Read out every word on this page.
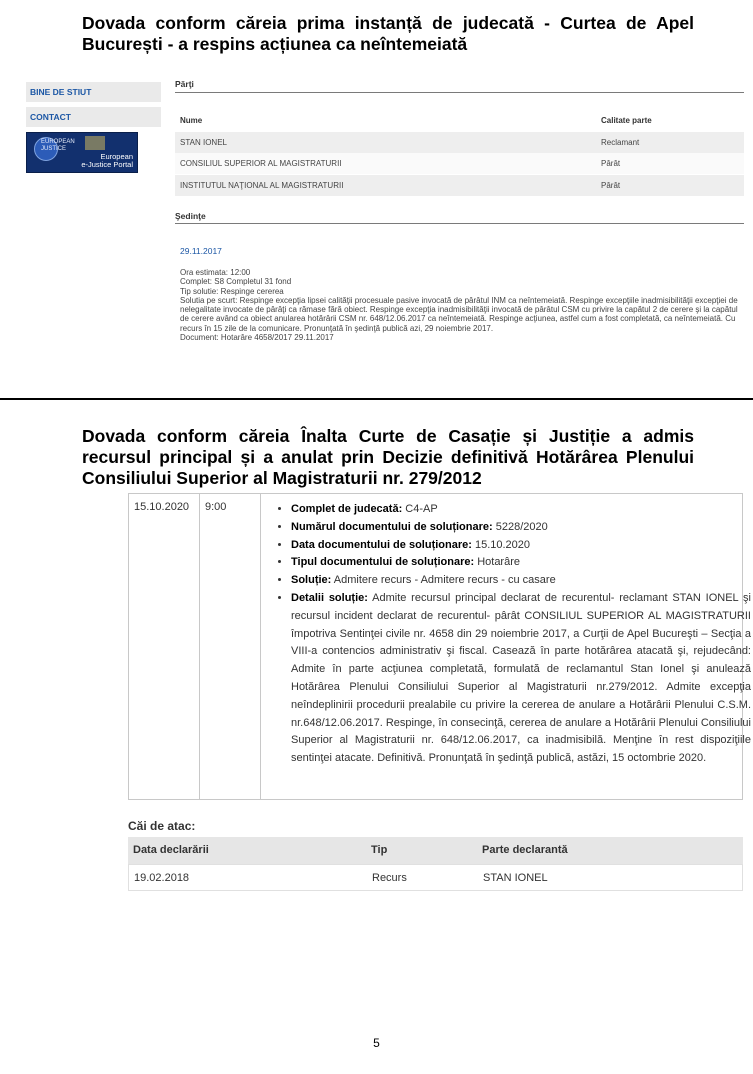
Dovada conform căreia prima instanță de judecată - Curtea de Apel București - a respins acțiunea ca neîntemeiată
BINE DE STIUT
CONTACT
EUROPEAN
JUSTICE
European
e-Justice Portal
Părţi
Nume	Calitate parte
STAN IONEL	Reclamant
CONSILIUL SUPERIOR AL MAGISTRATURII	Pârât
INSTITUTUL NAŢIONAL AL MAGISTRATURII	Pârât
Şedinţe
29.11.2017
Ora estimata: 12:00
Complet: S8 Completul 31 fond
Tip solutie: Respinge cererea
Solutia pe scurt: Respinge excepţia lipsei calităţii procesuale pasive invocată de pârâtul INM ca neîntemeiată. Respinge excepţiile inadmisibilităţii excepţiei de nelegalitate invocate de pârâţi ca rămase fără obiect. Respinge excepţia inadmisibilităţii invocată de pârâtul CSM cu privire la capătul 2 de cerere şi la capătul de cerere având ca obiect anularea hotărârii CSM nr. 648/12.06.2017 ca neîntemeiată. Respinge acţiunea, astfel cum a fost completată, ca neîntemeiată. Cu recurs în 15 zile de la comunicare. Pronunţată în şedinţă publică azi, 29 noiembrie 2017.
Document: Hotarâre 4658/2017 29.11.2017
Dovada conform căreia Înalta Curte de Casație și Justiție a admis recursul principal și a anulat prin Decizie definitivă Hotărârea Plenului Consiliului Superior al Magistraturii nr. 279/2012
15.10.2020 9:00
•	Complet de judecată: C4-AP
• Numărul documentului de soluționare: 5228/2020
• Data documentului de soluționare: 15.10.2020
• Tipul documentului de soluționare: Hotarâre
• Soluție: Admitere recurs - Admitere recurs - cu casare
• Detalii soluție: Admite recursul principal declarat de recurentul- reclamant STAN IONEL şi recursul incident declarat de recurentul- pârât CONSILIUL SUPERIOR AL MAGISTRATURII împotriva Sentinţei civile nr. 4658 din 29 noiembrie 2017, a Curţii de Apel Bucureşti – Secţia a VIII-a contencios administrativ şi fiscal. Casează în parte hotărârea atacată şi, rejudecând: Admite în parte acţiunea completată, formulată de reclamantul Stan Ionel şi anulează Hotărârea Plenului Consiliului Superior al Magistraturii nr.279/2012. Admite excepţia neîndeplinirii procedurii prealabile cu privire la cererea de anulare a Hotărârii Plenului C.S.M. nr.648/12.06.2017. Respinge, în consecinţă, cererea de anulare a Hotărârii Plenului Consiliului Superior al Magistraturii nr. 648/12.06.2017, ca inadmisibilă. Menţine în rest dispoziţiile sentinţei atacate. Definitivă. Pronunţată în şedinţă publică, astăzi, 15 octombrie 2020.
Căi de atac:
Data declarării	Tip	Parte declarantă
19.02.2018	Recurs	STAN IONEL
5
